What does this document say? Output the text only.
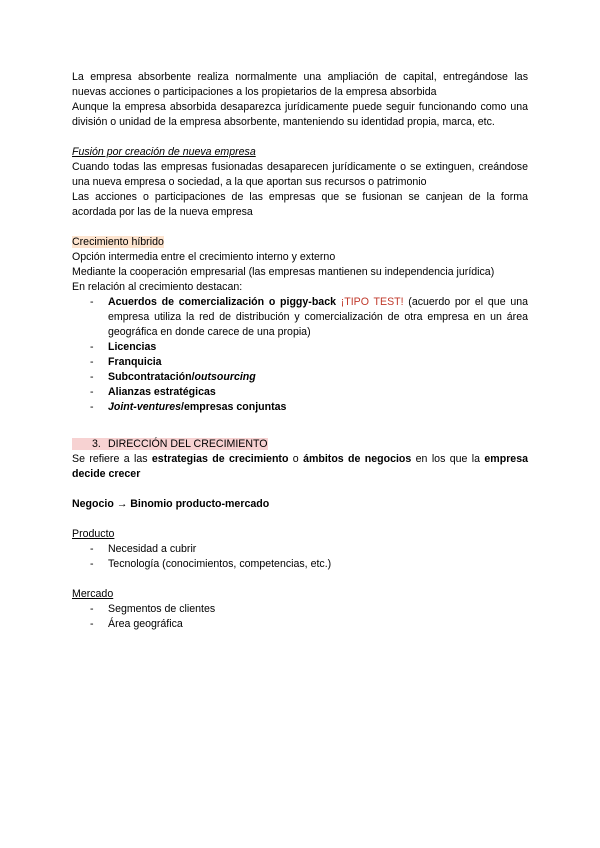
La empresa absorbente realiza normalmente una ampliación de capital, entregándose las nuevas acciones o participaciones a los propietarios de la empresa absorbida

Aunque la empresa absorbida desaparezca jurídicamente puede seguir funcionando como una división o unidad de la empresa absorbente, manteniendo su identidad propia, marca, etc.

Fusión por creación de nueva empresa

Cuando todas las empresas fusionadas desaparecen jurídicamente o se extinguen, creándose una nueva empresa o sociedad, a la que aportan sus recursos o patrimonio

Las acciones o participaciones de las empresas que se fusionan se canjean de la forma acordada por las de la nueva empresa

Crecimiento híbrido

Opción intermedia entre el crecimiento interno y externo

Mediante la cooperación empresarial (las empresas mantienen su independencia jurídica)

En relación al crecimiento destacan:

- Acuerdos de comercialización o piggy-back ¡TIPO TEST! (acuerdo por el que una empresa utiliza la red de distribución y comercialización de otra empresa en un área geográfica en donde carece de una propia)
- Licencias
- Franquicia
- Subcontratación/outsourcing
- Alianzas estratégicas
- Joint-ventures/empresas conjuntas

3. DIRECCIÓN DEL CRECIMIENTO

Se refiere a las estrategias de crecimiento o ámbitos de negocios en los que la empresa decide crecer

Negocio → Binomio producto-mercado

Producto

- Necesidad a cubrir
- Tecnología (conocimientos, competencias, etc.)

Mercado

- Segmentos de clientes
- Área geográfica
